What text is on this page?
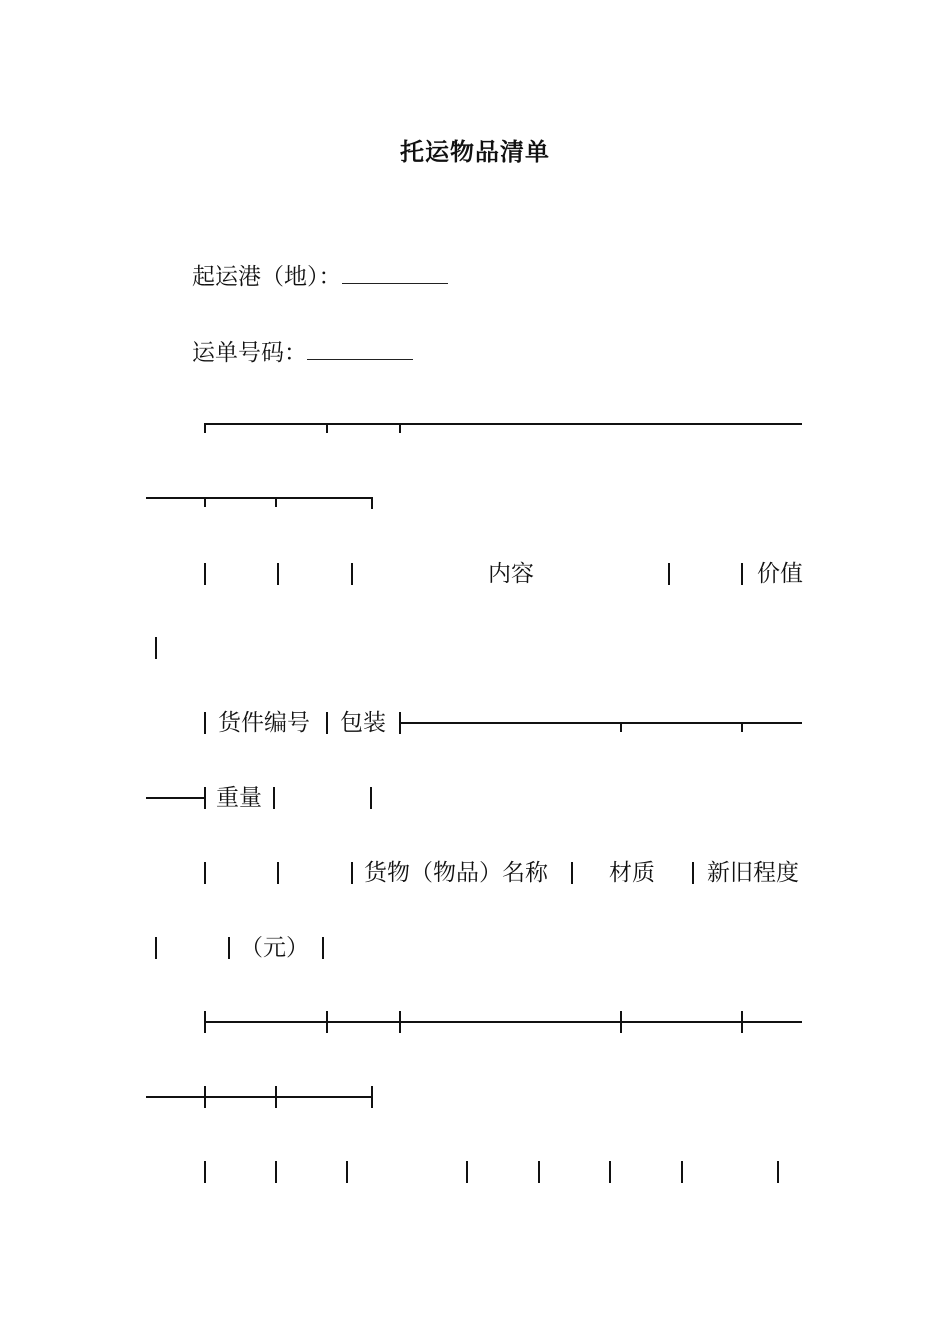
托运物品清单
起运港（地）：
运单号码：
内容	价值
货件编号 包装
重量
货物（物品）名称	材质 新旧程度
（元）
